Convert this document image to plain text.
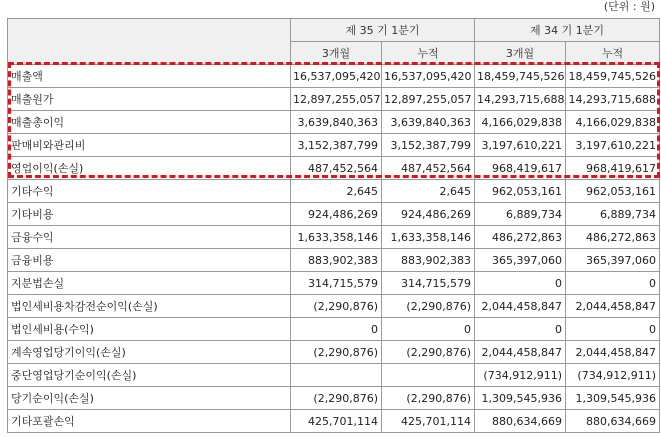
(단위 : 원)
	제 35 기 1분기		제 34 기 1분기	
	3개월	누적	3개월	누적
매출액	16,537,095,420	16,537,095,420	18,459,745,526	18,459,745,526
매출원가	12,897,255,057	12,897,255,057	14,293,715,688	14,293,715,688
매출총이익	3,639,840,363	3,639,840,363	4,166,029,838	4,166,029,838
판매비와관리비	3,152,387,799	3,152,387,799	3,197,610,221	3,197,610,221
영업이익(손실)	487,452,564	487,452,564	968,419,617	968,419,617
기타수익	2,645	2,645	962,053,161	962,053,161
기타비용	924,486,269	924,486,269	6,889,734	6,889,734
금융수익	1,633,358,146	1,633,358,146	486,272,863	486,272,863
금융비용	883,902,383	883,902,383	365,397,060	365,397,060
지분법손실	314,715,579	314,715,579	0	0
법인세비용차감전순이익(손실)	(2,290,876)	(2,290,876)	2,044,458,847	2,044,458,847
법인세비용(수익)	0	0	0	0
계속영업당기이익(손실)	(2,290,876)	(2,290,876)	2,044,458,847	2,044,458,847
중단영업당기순이익(손실)			(734,912,911)	(734,912,911)
당기순이익(손실)	(2,290,876)	(2,290,876)	1,309,545,936	1,309,545,936
기타포괄손익	425,701,114	425,701,114	880,634,669	880,634,669
